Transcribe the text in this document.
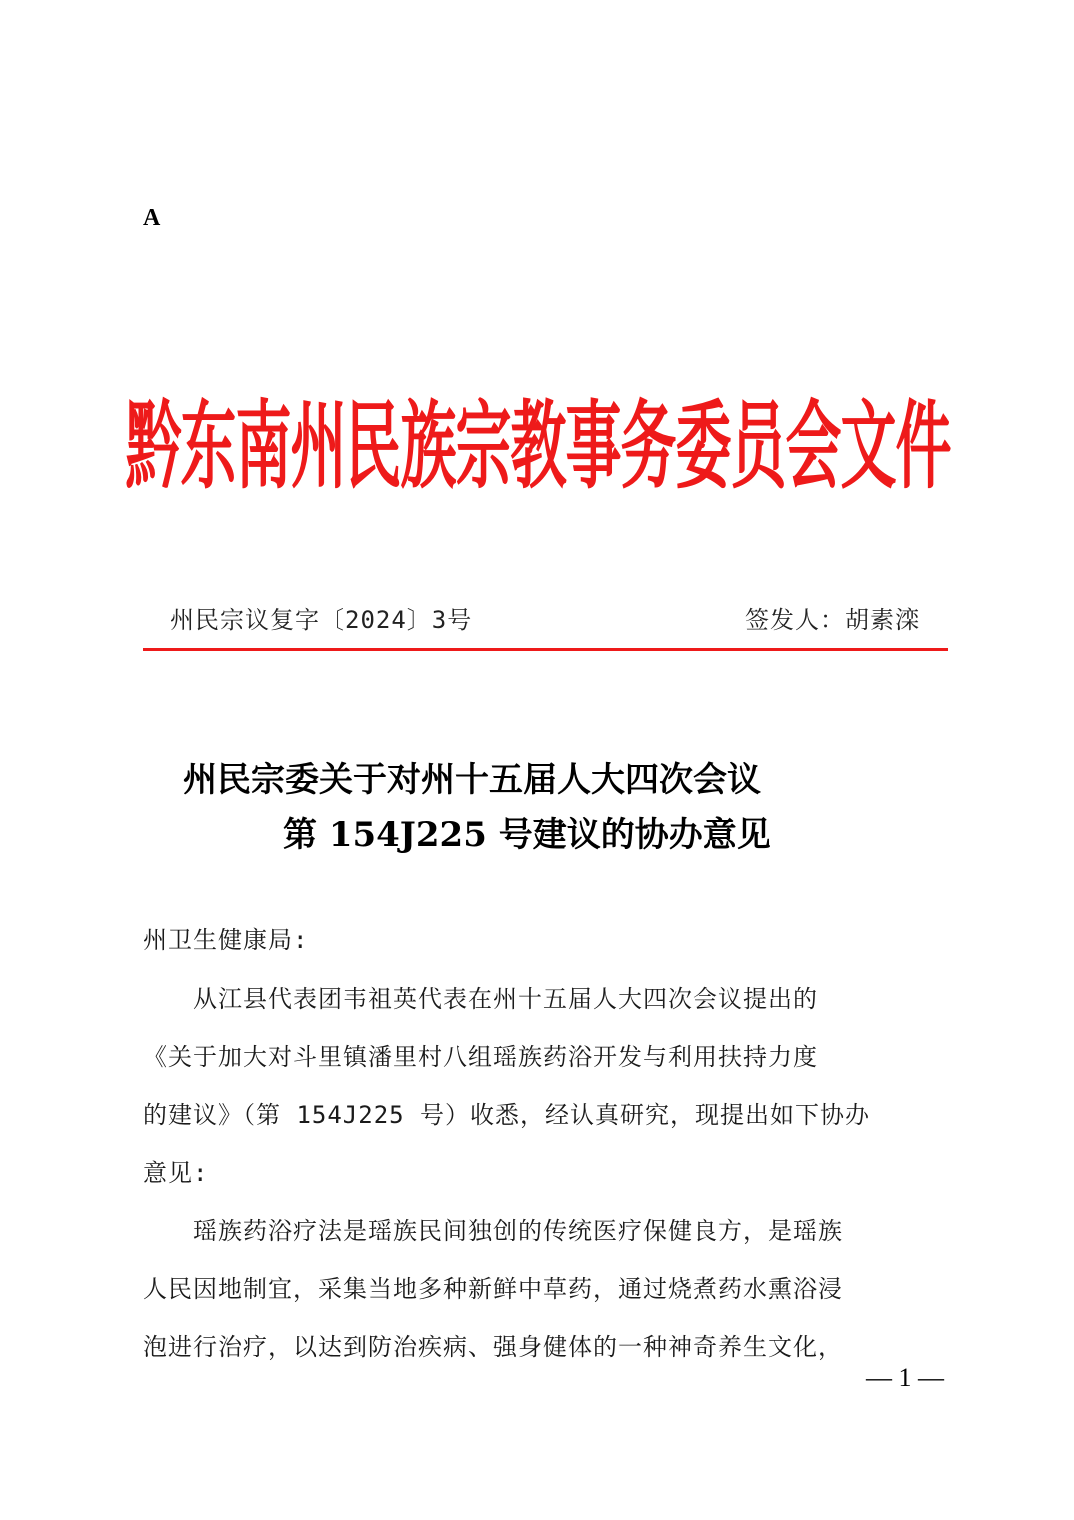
A
黔东南州民族宗教事务委员会文件
州民宗议复字〔2024〕3号	签发人：胡素滦
州民宗委关于对州十五届人大四次会议
第 154J225 号建议的协办意见
州卫生健康局:
　　从江县代表团韦祖英代表在州十五届人大四次会议提出的
《关于加大对斗里镇潘里村八组瑶族药浴开发与利用扶持力度
的建议》（第 154J225 号）收悉，经认真研究，现提出如下协办
意见:
　　瑶族药浴疗法是瑶族民间独创的传统医疗保健良方，是瑶族
人民因地制宜，采集当地多种新鲜中草药，通过烧煮药水熏浴浸
泡进行治疗，以达到防治疾病、强身健体的一种神奇养生文化，
— 1 —
